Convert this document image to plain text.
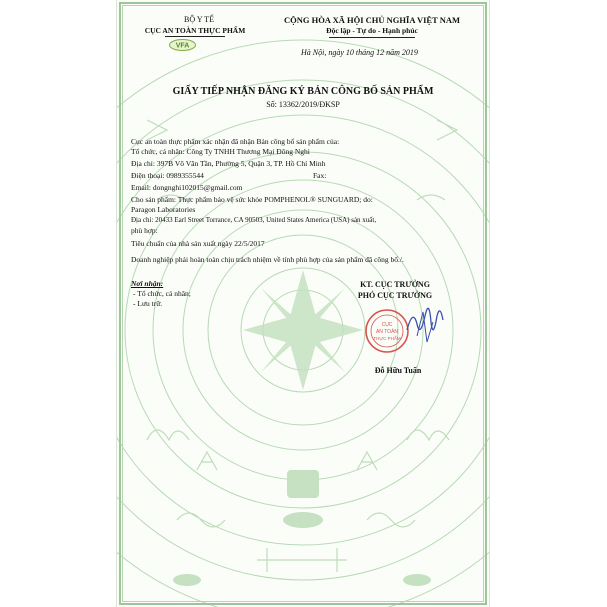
BỘ Y TẾ
CỤC AN TOÀN THỰC PHẨM
VFA
CỘNG HÒA XÃ HỘI CHỦ NGHĨA VIỆT NAM
Độc lập - Tự do - Hạnh phúc
Hà Nội, ngày 10 tháng 12 năm 2019
GIẤY TIẾP NHẬN ĐĂNG KÝ BẢN CÔNG BỐ SẢN PHẨM
Số: 13362/2019/ĐKSP
Cục an toàn thực phẩm xác nhận đã nhận Bản công bố sản phẩm của:
Tổ chức, cá nhân: Công Ty TNHH Thương Mại Đông Nghi
Địa chỉ: 397B Võ Văn Tần, Phường 5, Quận 3, TP. Hồ Chí Minh
Điện thoại: 0989355544	Fax:
Email: dongnghi102015@gmail.com
Cho sản phẩm: Thực phẩm bảo vệ sức khỏe POMPHENOL® SUNGUARD; do:
Paragon Laboratories
Địa chỉ: 20433 Earl Street Torrance, CA 90503, United States America (USA) sản xuất,
phù hợp:
Tiêu chuẩn của nhà sản xuất ngày 22/5/2017
Doanh nghiệp phải hoàn toàn chịu trách nhiệm về tính phù hợp của sản phẩm đã công bố./.
Nơi nhận:
- Tổ chức, cá nhân;
- Lưu trữ.
KT. CỤC TRƯỞNG
PHÓ CỤC TRƯỞNG
CỤC
AN TOÀN
THỰC PHẨM
Đỗ Hữu Tuấn
